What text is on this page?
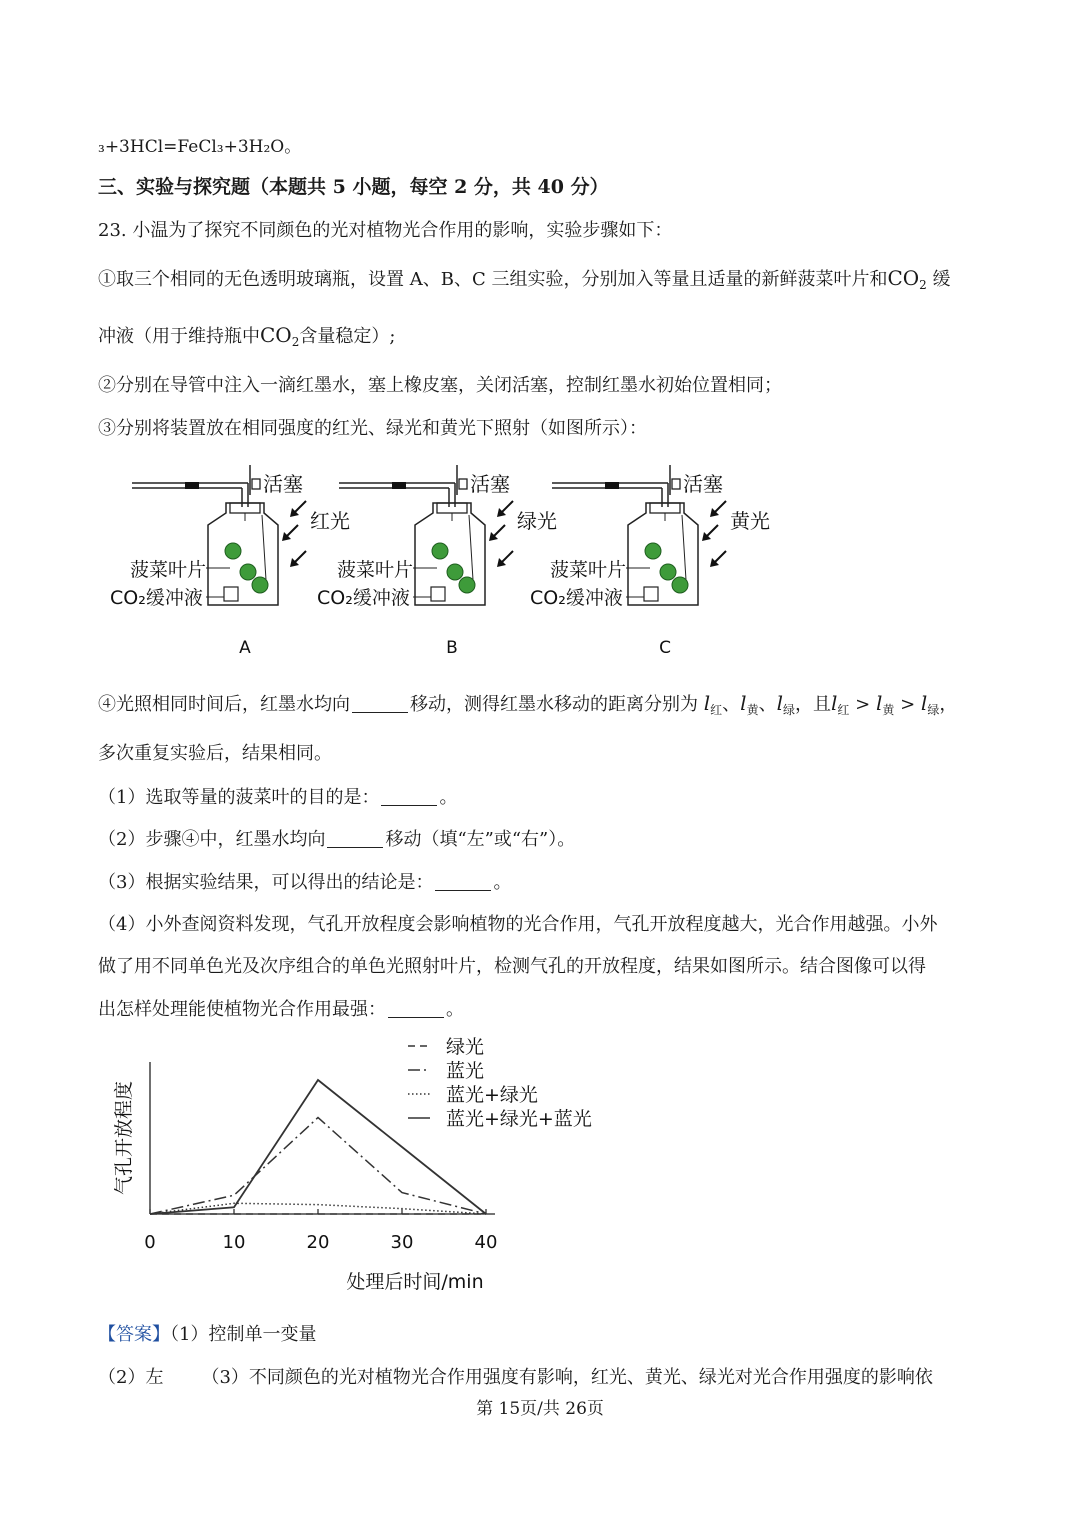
₃+3HCl=FeCl₃+3H₂O。
三、实验与探究题（本题共 5 小题，每空 2 分，共 40 分）
23. 小温为了探究不同颜色的光对植物光合作用的影响，实验步骤如下：
①取三个相同的无色透明玻璃瓶，设置 A、B、C 三组实验，分别加入等量且适量的新鲜菠菜叶片和$CO_2$ 缓
冲液（用于维持瓶中$CO_2$含量稳定）;
②分别在导管中注入一滴红墨水，塞上橡皮塞，关闭活塞，控制红墨水初始位置相同；
③分别将装置放在相同强度的红光、绿光和黄光下照射（如图所示）：
活塞
菠菜叶片
CO₂缓冲液
红光
A
活塞
菠菜叶片
CO₂缓冲液
绿光
B
活塞
菠菜叶片
CO₂缓冲液
黄光
C
④光照相同时间后，红墨水均向	移动，测得红墨水移动的距离分别为 $l_红$、$l_黄$、$l_绿$，且$l_红 > l_黄 > l_绿$，
多次重复实验后，结果相同。
（1）选取等量的菠菜叶的目的是：	。
（2）步骤④中，红墨水均向	移动（填“左”或“右”）。
（3）根据实验结果，可以得出的结论是：	。
（4）小外查阅资料发现，气孔开放程度会影响植物的光合作用，气孔开放程度越大，光合作用越强。小外
做了用不同单色光及次序组合的单色光照射叶片，检测气孔的开放程度，结果如图所示。结合图像可以得
出怎样处理能使植物光合作用最强：	。
绿光
蓝光
蓝光+绿光
蓝光+绿光+蓝光
0	10	20	30	40
处理后时间/min
气孔开放程度
【答案】（1）控制单一变量
（2）左 （3）不同颜色的光对植物光合作用强度有影响，红光、黄光、绿光对光合作用强度的影响依
第 15页/共 26页
